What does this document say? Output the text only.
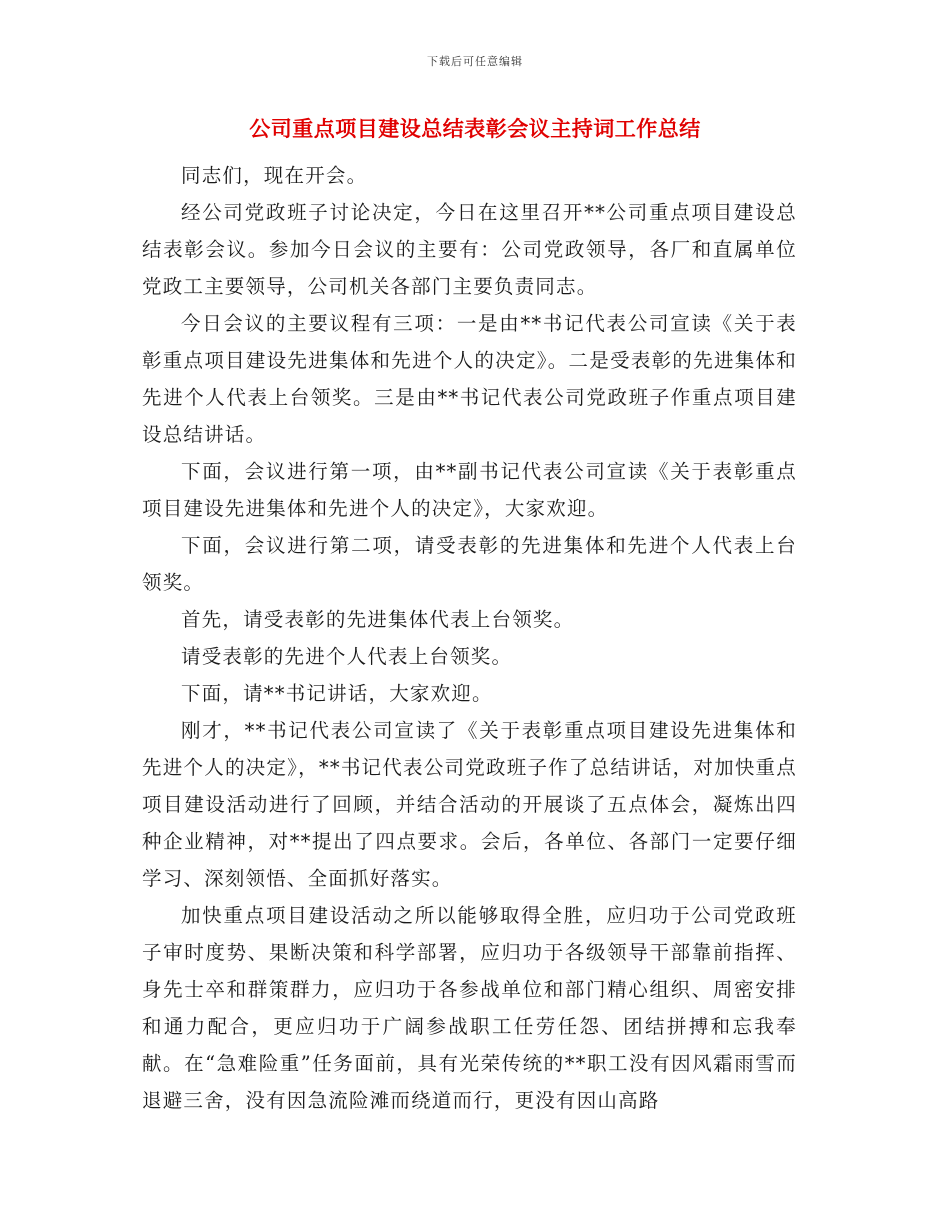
下载后可任意编辑
公司重点项目建设总结表彰会议主持词工作总结

同志们，现在开会。

经公司党政班子讨论决定，今日在这里召开**公司重点项目建设总结表彰会议。参加今日会议的主要有：公司党政领导，各厂和直属单位党政工主要领导，公司机关各部门主要负责同志。

今日会议的主要议程有三项：一是由**书记代表公司宣读《关于表彰重点项目建设先进集体和先进个人的决定》。二是受表彰的先进集体和先进个人代表上台领奖。三是由**书记代表公司党政班子作重点项目建设总结讲话。

下面，会议进行第一项，由**副书记代表公司宣读《关于表彰重点项目建设先进集体和先进个人的决定》，大家欢迎。

下面，会议进行第二项，请受表彰的先进集体和先进个人代表上台领奖。

首先，请受表彰的先进集体代表上台领奖。

请受表彰的先进个人代表上台领奖。

下面，请**书记讲话，大家欢迎。

刚才，**书记代表公司宣读了《关于表彰重点项目建设先进集体和先进个人的决定》，**书记代表公司党政班子作了总结讲话，对加快重点项目建设活动进行了回顾，并结合活动的开展谈了五点体会，凝炼出四种企业精神，对**提出了四点要求。会后，各单位、各部门一定要仔细学习、深刻领悟、全面抓好落实。

加快重点项目建设活动之所以能够取得全胜，应归功于公司党政班子审时度势、果断决策和科学部署，应归功于各级领导干部靠前指挥、身先士卒和群策群力，应归功于各参战单位和部门精心组织、周密安排和通力配合，更应归功于广阔参战职工任劳任怨、团结拼搏和忘我奉献。在“急难险重”任务面前，具有光荣传统的**职工没有因风霜雨雪而退避三舍，没有因急流险滩而绕道而行，更没有因山高路
